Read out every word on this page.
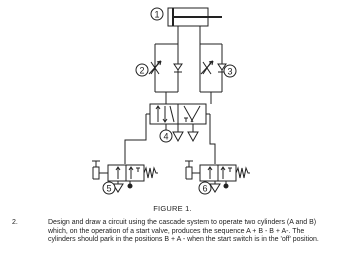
1
2	3
4
5	6
FIGURE 1.
2.	Design and draw a circuit using the cascade system to operate two cylinders (A and B) which, on the operation of a start valve, produces the sequence A + B - B + A-. The cylinders should park in the positions B + A - when the start switch is in the 'off' position.
